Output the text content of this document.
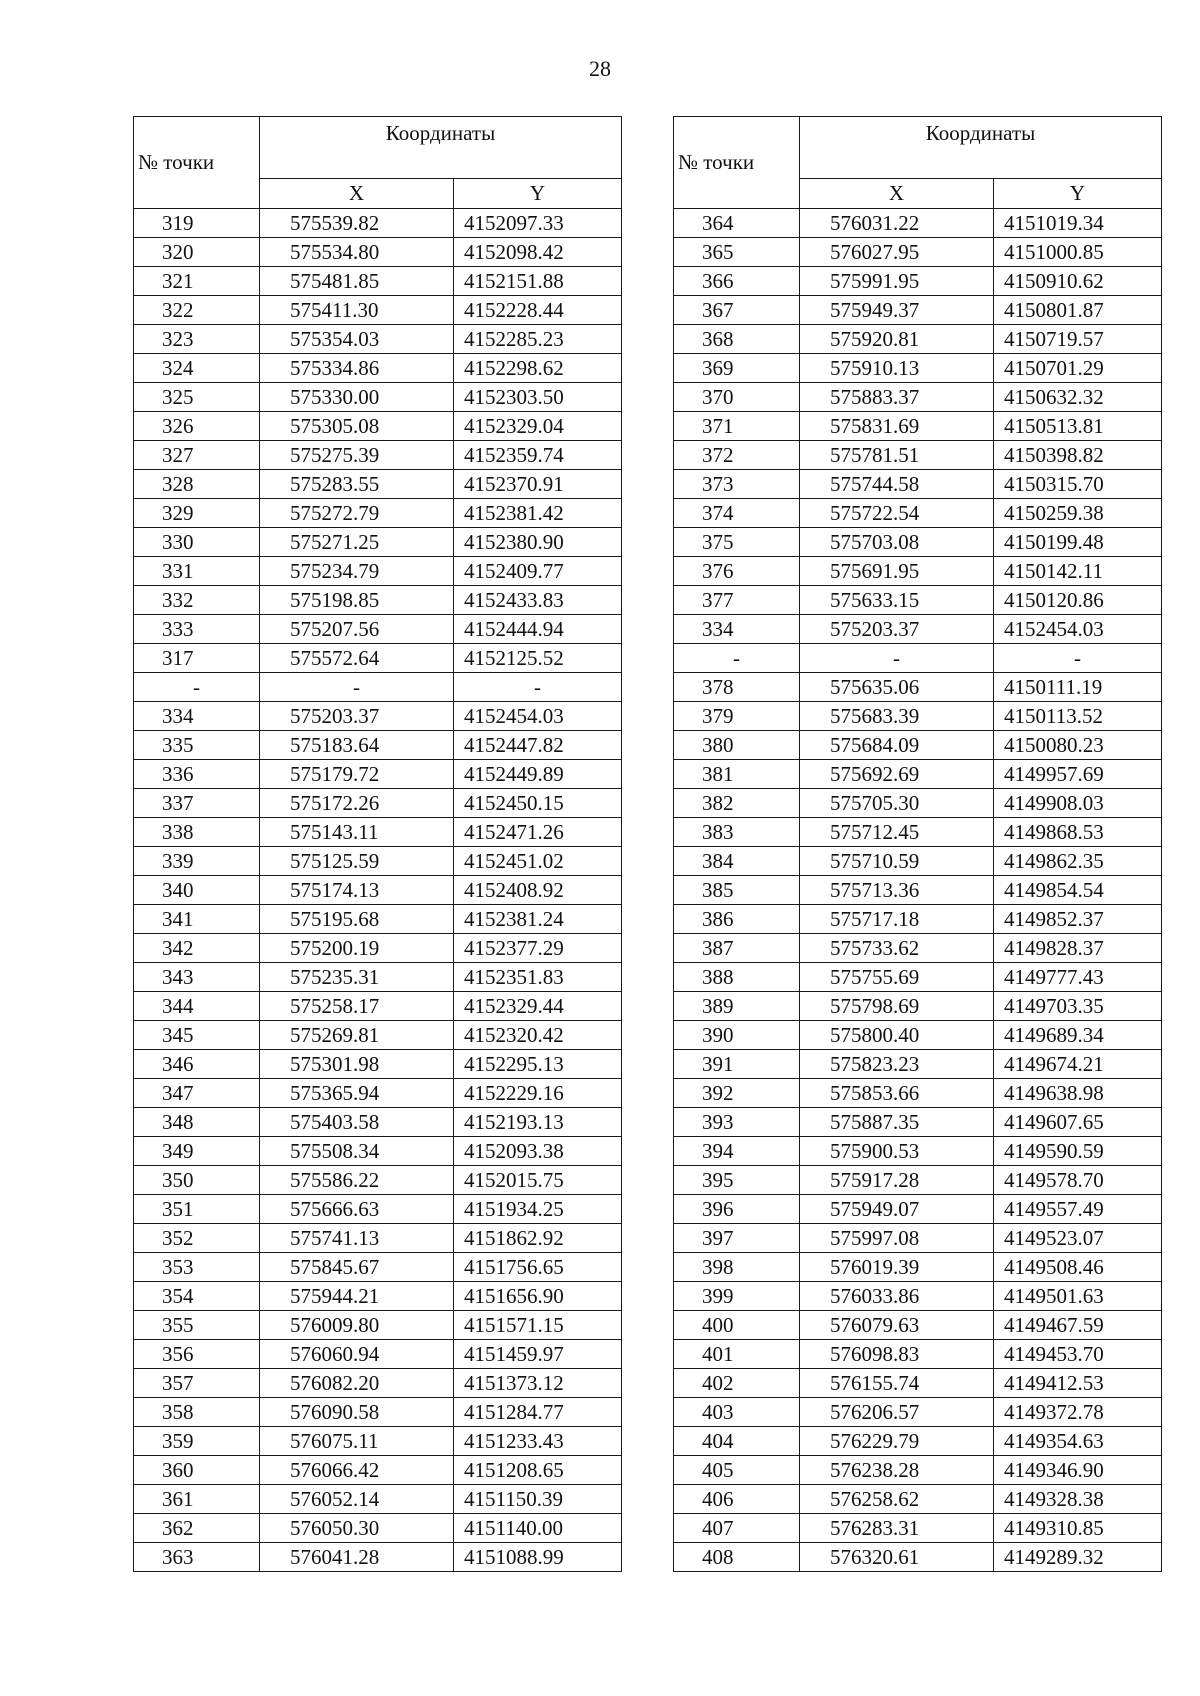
28
№ точки	Координаты	
	X	Y
319	575539.82	4152097.33
320	575534.80	4152098.42
321	575481.85	4152151.88
322	575411.30	4152228.44
323	575354.03	4152285.23
324	575334.86	4152298.62
325	575330.00	4152303.50
326	575305.08	4152329.04
327	575275.39	4152359.74
328	575283.55	4152370.91
329	575272.79	4152381.42
330	575271.25	4152380.90
331	575234.79	4152409.77
332	575198.85	4152433.83
333	575207.56	4152444.94
317	575572.64	4152125.52
-	-	-
334	575203.37	4152454.03
335	575183.64	4152447.82
336	575179.72	4152449.89
337	575172.26	4152450.15
338	575143.11	4152471.26
339	575125.59	4152451.02
340	575174.13	4152408.92
341	575195.68	4152381.24
342	575200.19	4152377.29
343	575235.31	4152351.83
344	575258.17	4152329.44
345	575269.81	4152320.42
346	575301.98	4152295.13
347	575365.94	4152229.16
348	575403.58	4152193.13
349	575508.34	4152093.38
350	575586.22	4152015.75
351	575666.63	4151934.25
352	575741.13	4151862.92
353	575845.67	4151756.65
354	575944.21	4151656.90
355	576009.80	4151571.15
356	576060.94	4151459.97
357	576082.20	4151373.12
358	576090.58	4151284.77
359	576075.11	4151233.43
360	576066.42	4151208.65
361	576052.14	4151150.39
362	576050.30	4151140.00
363	576041.28	4151088.99
№ точки	Координаты	
	X	Y
364	576031.22	4151019.34
365	576027.95	4151000.85
366	575991.95	4150910.62
367	575949.37	4150801.87
368	575920.81	4150719.57
369	575910.13	4150701.29
370	575883.37	4150632.32
371	575831.69	4150513.81
372	575781.51	4150398.82
373	575744.58	4150315.70
374	575722.54	4150259.38
375	575703.08	4150199.48
376	575691.95	4150142.11
377	575633.15	4150120.86
334	575203.37	4152454.03
-	-	-
378	575635.06	4150111.19
379	575683.39	4150113.52
380	575684.09	4150080.23
381	575692.69	4149957.69
382	575705.30	4149908.03
383	575712.45	4149868.53
384	575710.59	4149862.35
385	575713.36	4149854.54
386	575717.18	4149852.37
387	575733.62	4149828.37
388	575755.69	4149777.43
389	575798.69	4149703.35
390	575800.40	4149689.34
391	575823.23	4149674.21
392	575853.66	4149638.98
393	575887.35	4149607.65
394	575900.53	4149590.59
395	575917.28	4149578.70
396	575949.07	4149557.49
397	575997.08	4149523.07
398	576019.39	4149508.46
399	576033.86	4149501.63
400	576079.63	4149467.59
401	576098.83	4149453.70
402	576155.74	4149412.53
403	576206.57	4149372.78
404	576229.79	4149354.63
405	576238.28	4149346.90
406	576258.62	4149328.38
407	576283.31	4149310.85
408	576320.61	4149289.32
